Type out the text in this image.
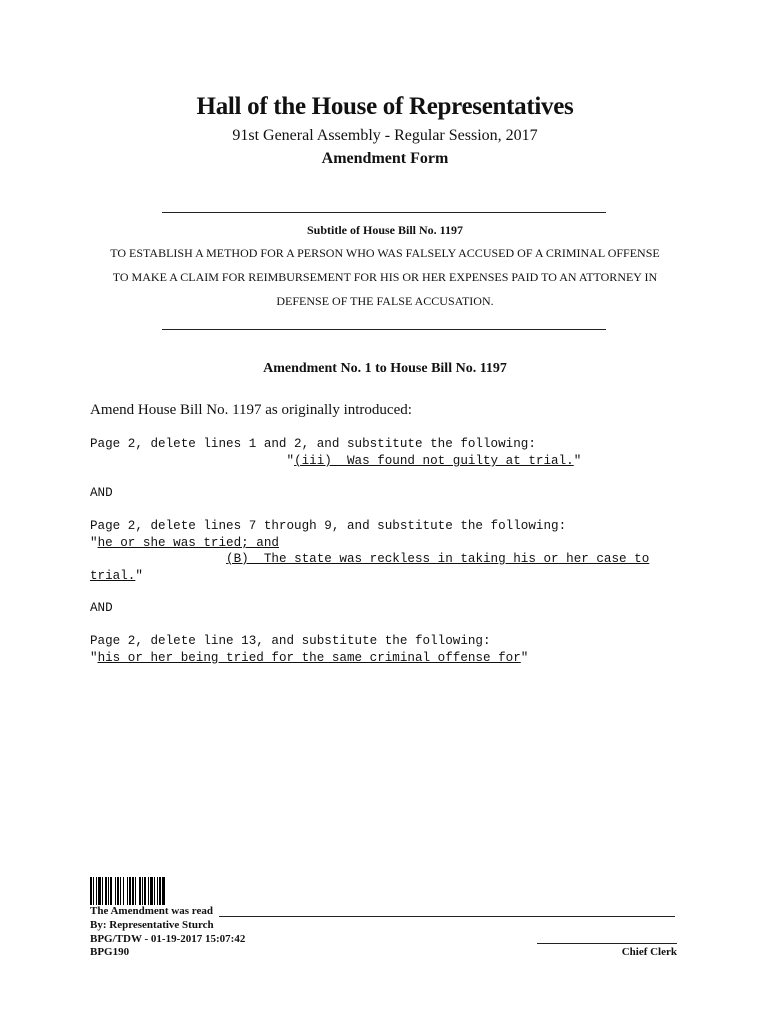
Hall of the House of Representatives
91st General Assembly - Regular Session, 2017
Amendment Form
Subtitle of House Bill No. 1197
TO ESTABLISH A METHOD FOR A PERSON WHO WAS FALSELY ACCUSED OF A CRIMINAL OFFENSE
TO MAKE A CLAIM FOR REIMBURSEMENT FOR HIS OR HER EXPENSES PAID TO AN ATTORNEY IN
DEFENSE OF THE FALSE ACCUSATION.
Amendment No. 1 to House Bill No. 1197
Amend House Bill No. 1197 as originally introduced:
Page 2, delete lines 1 and 2, and substitute the following:
"(iii)  Was found not guilty at trial."
AND
Page 2, delete lines 7 through 9, and substitute the following:
"he or she was tried; and
(B)  The state was reckless in taking his or her case to
trial."
AND
Page 2, delete line 13, and substitute the following:
"his or her being tried for the same criminal offense for"
The Amendment was read
By: Representative Sturch
BPG/TDW - 01-19-2017 15:07:42
BPG190	Chief Clerk
